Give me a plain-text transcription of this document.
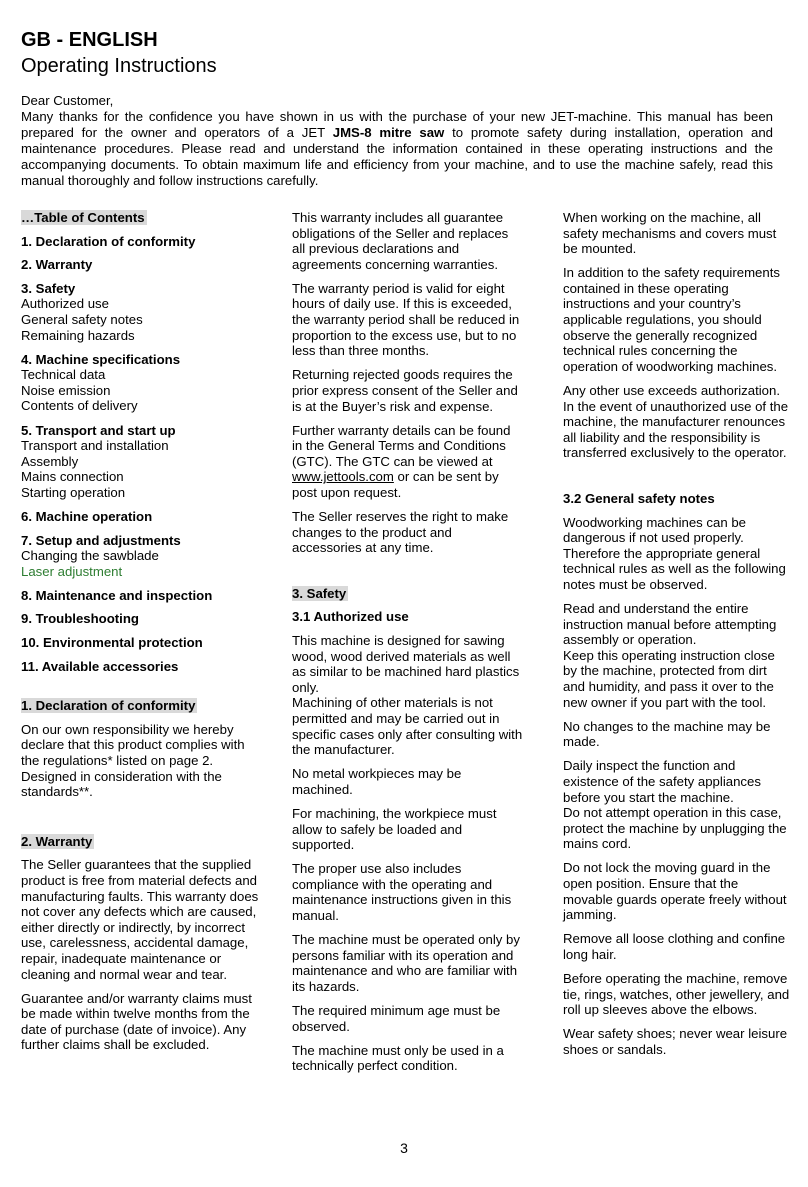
GB - ENGLISH
Operating Instructions

Dear Customer,

Many thanks for the confidence you have shown in us with the purchase of your new JET-machine. This manual has been prepared for the owner and operators of a JET JMS-8 mitre saw to promote safety during installation, operation and maintenance procedures. Please read and understand the information contained in these operating instructions and the accompanying documents. To obtain maximum life and efficiency from your machine, and to use the machine safely, read this manual thoroughly and follow instructions carefully.

…Table of Contents

1. Declaration of conformity

2. Warranty

3. Safety
Authorized use
General safety notes
Remaining hazards
4. Machine specifications
Technical data
Noise emission
Contents of delivery
5. Transport and start up
Transport and installation
Assembly
Mains connection
Starting operation

6. Machine operation

7. Setup and adjustments
Changing the sawblade
Laser adjustment

8. Maintenance and inspection

9. Troubleshooting

10. Environmental protection

11. Available accessories

1. Declaration of conformity

On our own responsibility we hereby declare that this product complies with the regulations* listed on page 2. Designed in consideration with the standards**.

2. Warranty

The Seller guarantees that the supplied product is free from material defects and manufacturing faults. This warranty does not cover any defects which are caused, either directly or indirectly, by incorrect use, carelessness, accidental damage, repair, inadequate maintenance or cleaning and normal wear and tear.

Guarantee and/or warranty claims must be made within twelve months from the date of purchase (date of invoice). Any further claims shall be excluded.

This warranty includes all guarantee obligations of the Seller and replaces all previous declarations and agreements concerning warranties.

The warranty period is valid for eight hours of daily use. If this is exceeded, the warranty period shall be reduced in proportion to the excess use, but to no less than three months.

Returning rejected goods requires the prior express consent of the Seller and is at the Buyer’s risk and expense.

Further warranty details can be found in the General Terms and Conditions (GTC). The GTC can be viewed at www.jettools.com or can be sent by post upon request.

The Seller reserves the right to make changes to the product and accessories at any time.

3. Safety

3.1 Authorized use

This machine is designed for sawing wood, wood derived materials as well as similar to be machined hard plastics only.
Machining of other materials is not permitted and may be carried out in specific cases only after consulting with the manufacturer.

No metal workpieces may be machined.

For machining, the workpiece must allow to safely be loaded and supported.

The proper use also includes compliance with the operating and maintenance instructions given in this manual.

The machine must be operated only by persons familiar with its operation and maintenance and who are familiar with its hazards.

The required minimum age must be observed.

The machine must only be used in a technically perfect condition.

When working on the machine, all safety mechanisms and covers must be mounted.

In addition to the safety requirements contained in these operating instructions and your country’s applicable regulations, you should observe the generally recognized technical rules concerning the operation of woodworking machines.

Any other use exceeds authorization. In the event of unauthorized use of the machine, the manufacturer renounces all liability and the responsibility is transferred exclusively to the operator.

3.2 General safety notes

Woodworking machines can be dangerous if not used properly. Therefore the appropriate general technical rules as well as the following notes must be observed.

Read and understand the entire instruction manual before attempting assembly or operation.
Keep this operating instruction close by the machine, protected from dirt and humidity, and pass it over to the new owner if you part with the tool.

No changes to the machine may be made.

Daily inspect the function and existence of the safety appliances before you start the machine.
Do not attempt operation in this case, protect the machine by unplugging the mains cord.

Do not lock the moving guard in the open position. Ensure that the movable guards operate freely without jamming.

Remove all loose clothing and confine long hair.

Before operating the machine, remove tie, rings, watches, other jewellery, and roll up sleeves above the elbows.

Wear safety shoes; never wear leisure shoes or sandals.

3
